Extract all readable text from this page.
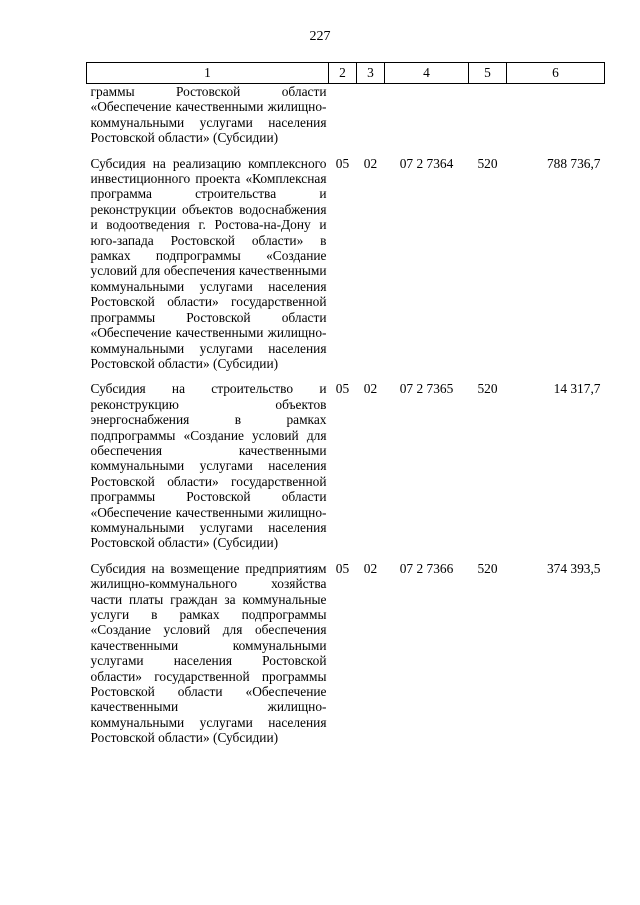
227
1	2	3	4	5	6
граммы Ростовской области «Обеспечение качественными жилищно-коммунальными услугами населения Ростовской области» (Субсидии)					
Субсидия на реализацию комплексного инвестиционного проекта «Комплексная программа строительства и реконструкции объектов водоснабжения и водоотведения г. Ростова-на-Дону и юго-запада Ростовской области» в рамках подпрограммы «Создание условий для обеспечения качественными коммунальными услугами населения Ростовской области» государственной программы Ростовской области «Обеспечение качественными жилищно-коммунальными услугами населения Ростовской области» (Субсидии)	05	02	07 2 7364	520	788 736,7
Субсидия на строительство и реконструкцию объектов энергоснабжения в рамках подпрограммы «Создание условий для обеспечения качественными коммунальными услугами населения Ростовской области» государственной программы Ростовской области «Обеспечение качественными жилищно-коммунальными услугами населения Ростовской области» (Субсидии)	05	02	07 2 7365	520	14 317,7
Субсидия на возмещение предприятиям жилищно-коммунального хозяйства части платы граждан за коммунальные услуги в рамках подпрограммы «Создание условий для обеспечения качественными коммунальными услугами населения Ростовской области» государственной программы Ростовской области «Обеспечение качественными жилищно-коммунальными услугами населения Ростовской области» (Субсидии)	05	02	07 2 7366	520	374 393,5
